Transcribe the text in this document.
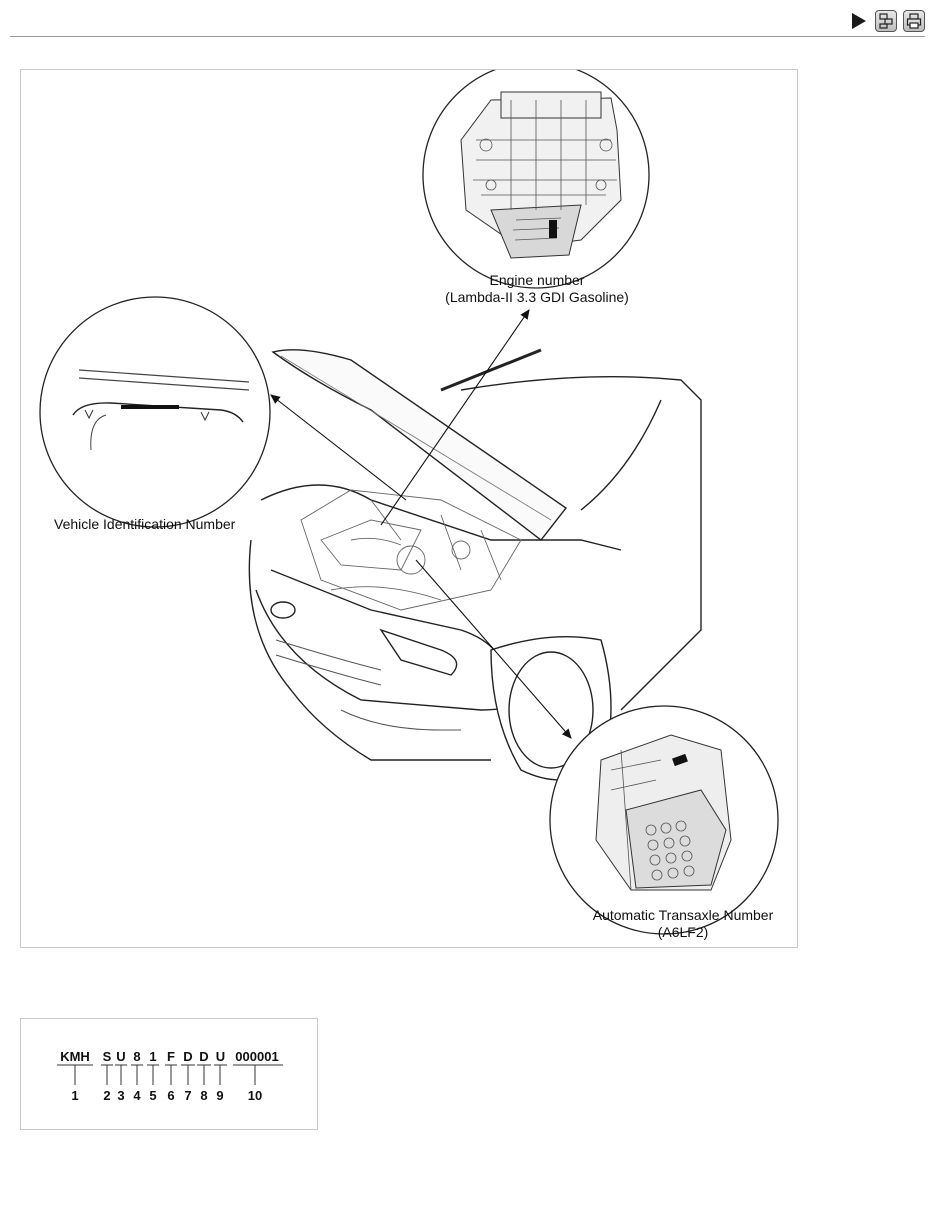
Engine number
(Lambda-II 3.3 GDI Gasoline)
Vehicle Identification Number
Automatic Transaxle Number
(A6LF2)
KMH S U 8 1 F D D U 000001
1	2 3 4 5 6 7 8 9	10
